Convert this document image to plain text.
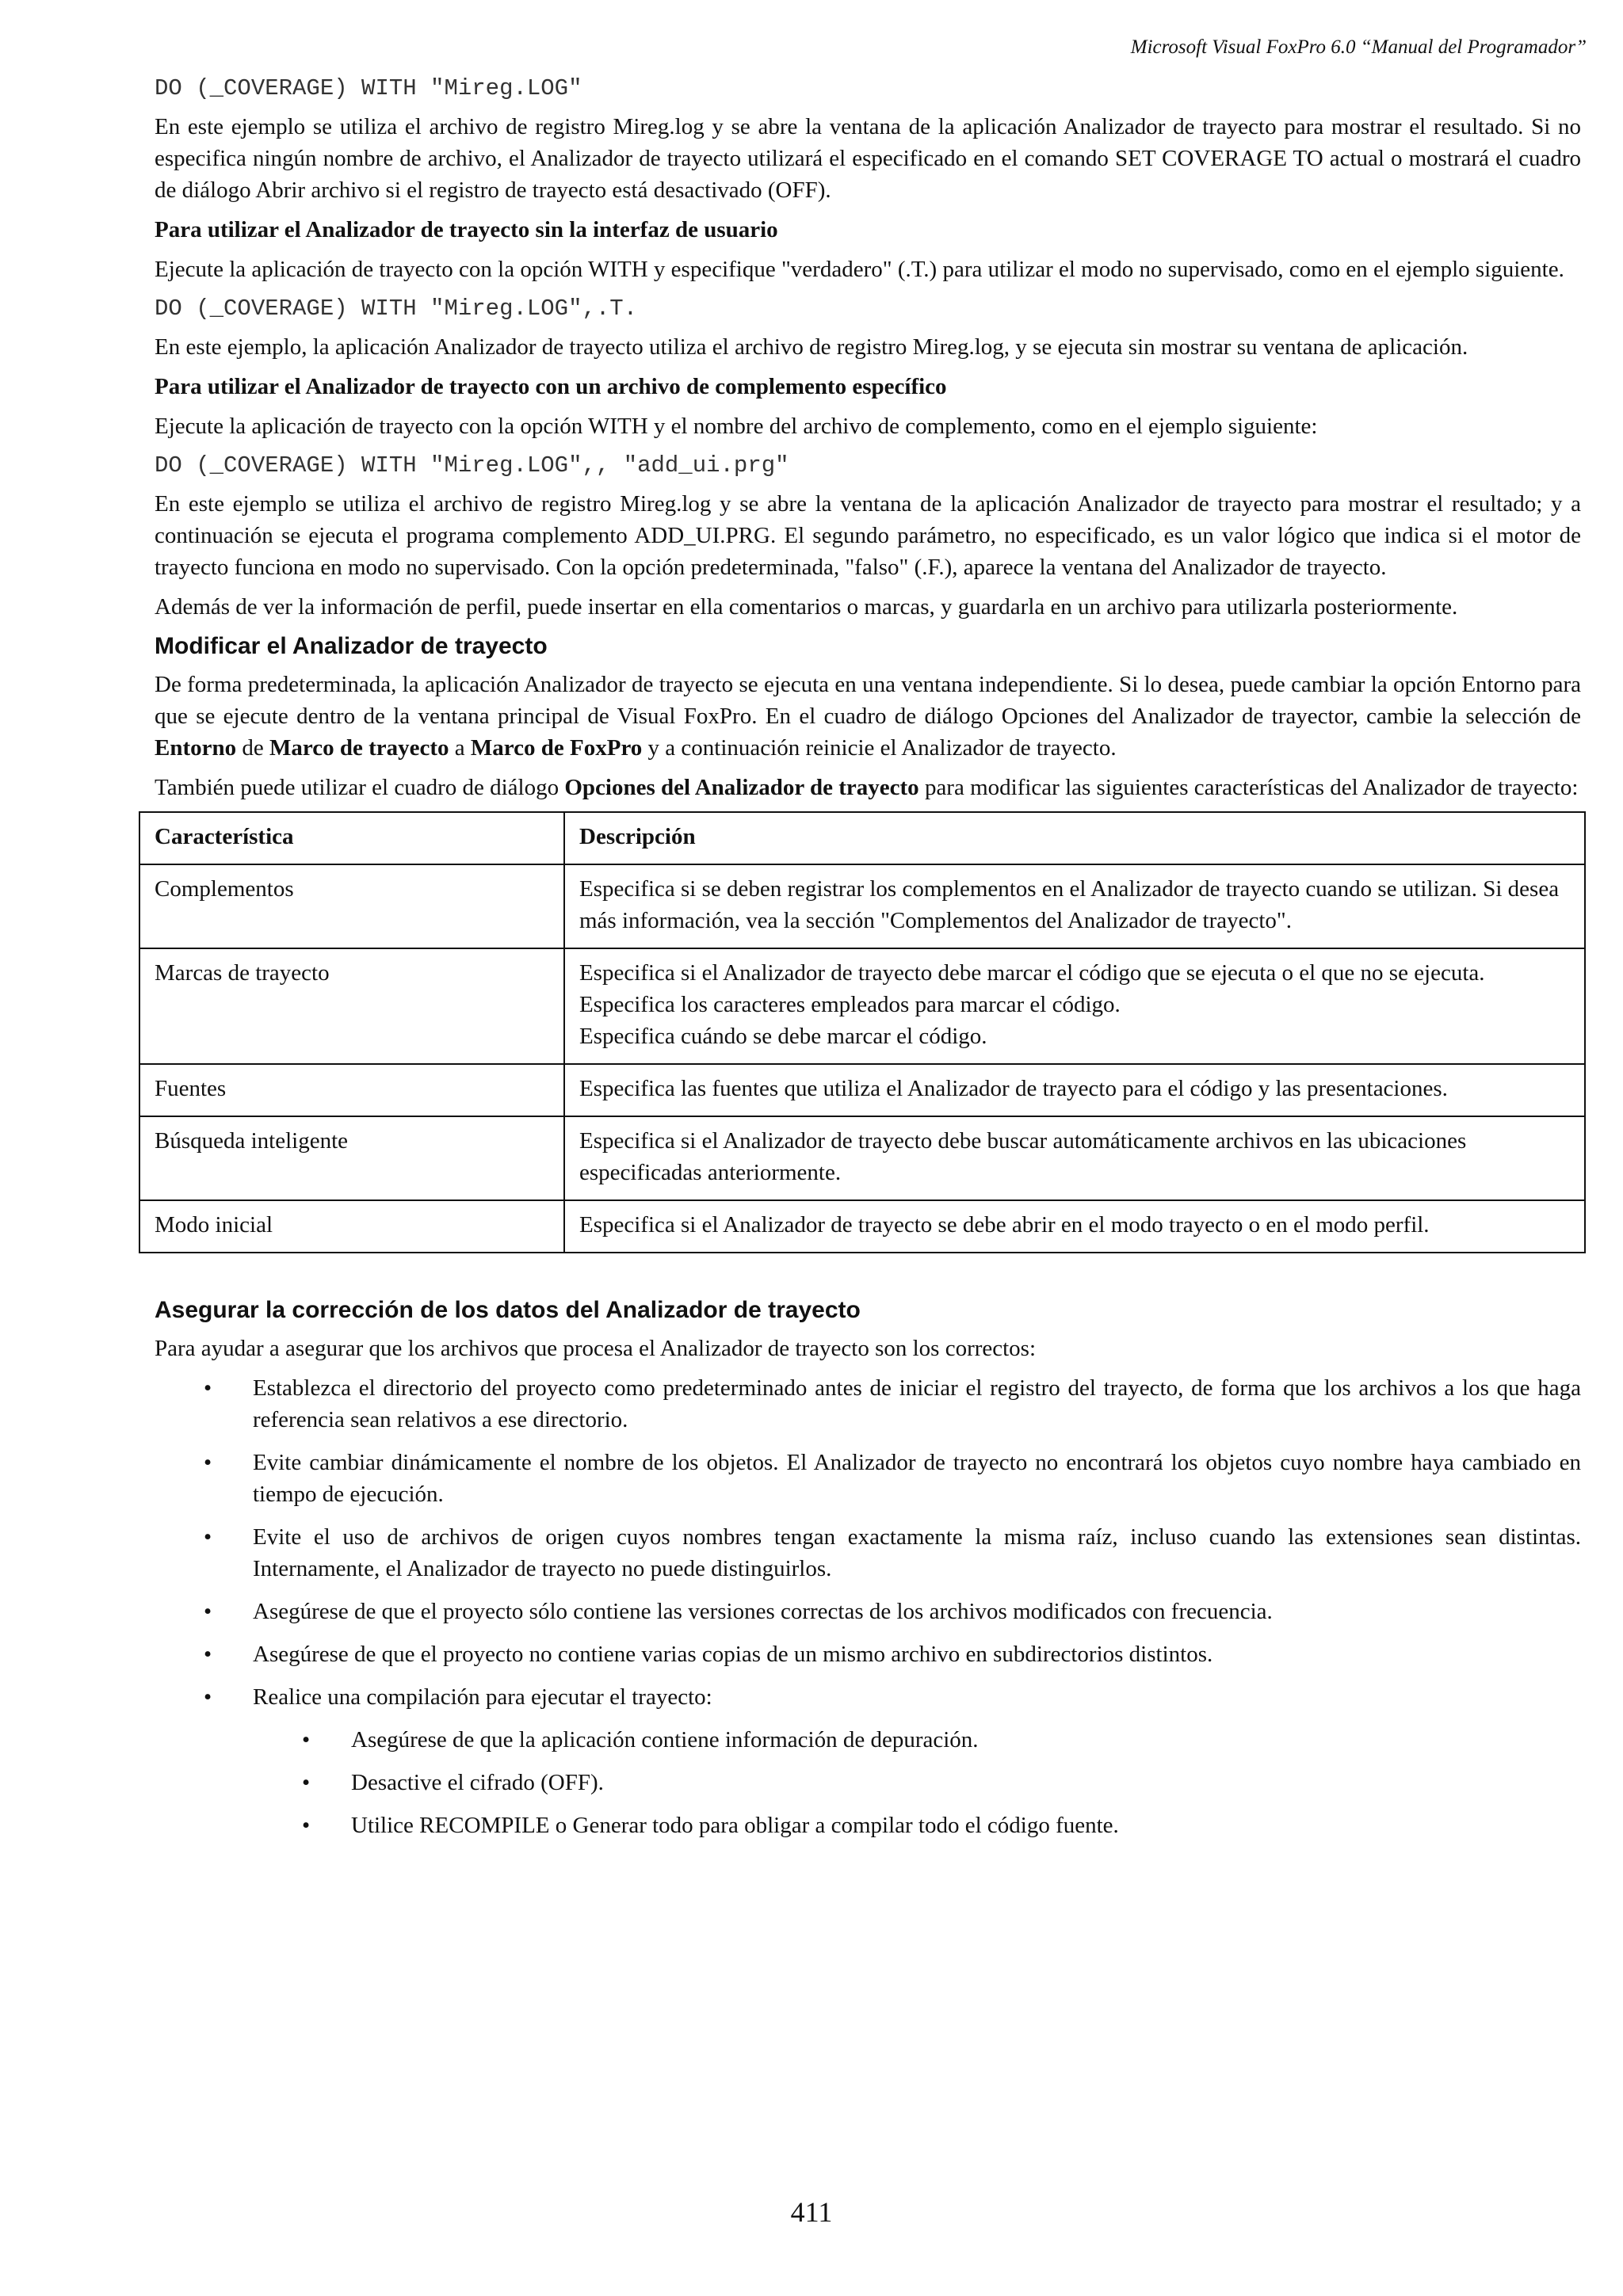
Microsoft Visual FoxPro 6.0 “Manual del Programador”
DO (_COVERAGE) WITH "Mireg.LOG"

En este ejemplo se utiliza el archivo de registro Mireg.log y se abre la ventana de la aplicación Analizador de trayecto para mostrar el resultado. Si no especifica ningún nombre de archivo, el Analizador de trayecto utilizará el especificado en el comando SET COVERAGE TO actual o mostrará el cuadro de diálogo Abrir archivo si el registro de trayecto está desactivado (OFF).

Para utilizar el Analizador de trayecto sin la interfaz de usuario

Ejecute la aplicación de trayecto con la opción WITH y especifique "verdadero" (.T.) para utilizar el modo no supervisado, como en el ejemplo siguiente.

DO (_COVERAGE) WITH "Mireg.LOG",.T.

En este ejemplo, la aplicación Analizador de trayecto utiliza el archivo de registro Mireg.log, y se ejecuta sin mostrar su ventana de aplicación.

Para utilizar el Analizador de trayecto con un archivo de complemento específico

Ejecute la aplicación de trayecto con la opción WITH y el nombre del archivo de complemento, como en el ejemplo siguiente:

DO (_COVERAGE) WITH "Mireg.LOG",, "add_ui.prg"

En este ejemplo se utiliza el archivo de registro Mireg.log y se abre la ventana de la aplicación Analizador de trayecto para mostrar el resultado; y a continuación se ejecuta el programa complemento ADD_UI.PRG. El segundo parámetro, no especificado, es un valor lógico que indica si el motor de trayecto funciona en modo no supervisado. Con la opción predeterminada, "falso" (.F.), aparece la ventana del Analizador de trayecto.

Además de ver la información de perfil, puede insertar en ella comentarios o marcas, y guardarla en un archivo para utilizarla posteriormente.

Modificar el Analizador de trayecto

De forma predeterminada, la aplicación Analizador de trayecto se ejecuta en una ventana independiente. Si lo desea, puede cambiar la opción Entorno para que se ejecute dentro de la ventana principal de Visual FoxPro. En el cuadro de diálogo Opciones del Analizador de trayector, cambie la selección de Entorno de Marco de trayecto a Marco de FoxPro y a continuación reinicie el Analizador de trayecto.

También puede utilizar el cuadro de diálogo Opciones del Analizador de trayecto para modificar las siguientes características del Analizador de trayecto:

Característica	Descripción
Complementos	Especifica si se deben registrar los complementos en el Analizador de trayecto cuando se utilizan. Si desea más información, vea la sección "Complementos del Analizador de trayecto".

Marcas de trayecto	Especifica si el Analizador de trayecto debe marcar el código que se ejecuta o el que no se ejecuta.
Especifica los caracteres empleados para marcar el código.
Especifica cuándo se debe marcar el código.

Fuentes	Especifica las fuentes que utiliza el Analizador de trayecto para el código y las presentaciones.

Búsqueda inteligente	Especifica si el Analizador de trayecto debe buscar automáticamente archivos en las ubicaciones especificadas anteriormente.

Modo inicial	Especifica si el Analizador de trayecto se debe abrir en el modo trayecto o en el modo perfil.
Asegurar la corrección de los datos del Analizador de trayecto

Para ayudar a asegurar que los archivos que procesa el Analizador de trayecto son los correctos:

• Establezca el directorio del proyecto como predeterminado antes de iniciar el registro del trayecto, de forma que los archivos a los que haga referencia sean relativos a ese directorio.
• Evite cambiar dinámicamente el nombre de los objetos. El Analizador de trayecto no encontrará los objetos cuyo nombre haya cambiado en tiempo de ejecución.
• Evite el uso de archivos de origen cuyos nombres tengan exactamente la misma raíz, incluso cuando las extensiones sean distintas. Internamente, el Analizador de trayecto no puede distinguirlos.
• Asegúrese de que el proyecto sólo contiene las versiones correctas de los archivos modificados con frecuencia.
• Asegúrese de que el proyecto no contiene varias copias de un mismo archivo en subdirectorios distintos.
• Realice una compilación para ejecutar el trayecto:
• Asegúrese de que la aplicación contiene información de depuración.
• Desactive el cifrado (OFF).
• Utilice RECOMPILE o Generar todo para obligar a compilar todo el código fuente.
411
